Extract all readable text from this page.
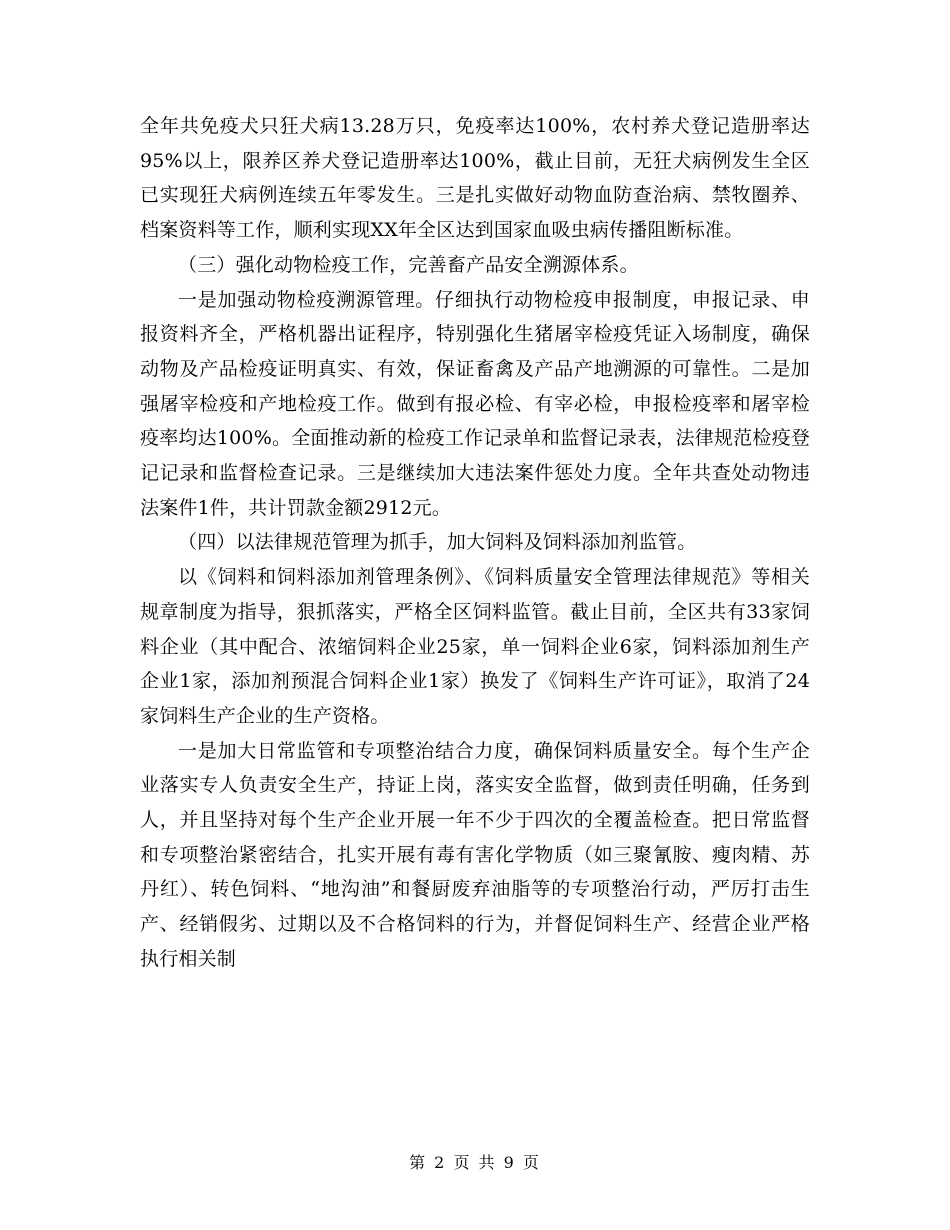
全年共免疫犬只狂犬病13.28万只，免疫率达100%，农村养犬登记造册率达95%以上，限养区养犬登记造册率达100%，截止目前，无狂犬病例发生全区已实现狂犬病例连续五年零发生。三是扎实做好动物血防查治病、禁牧圈养、档案资料等工作，顺利实现XX年全区达到国家血吸虫病传播阻断标准。

（三）强化动物检疫工作，完善畜产品安全溯源体系。

一是加强动物检疫溯源管理。仔细执行动物检疫申报制度，申报记录、申报资料齐全，严格机器出证程序，特别强化生猪屠宰检疫凭证入场制度，确保动物及产品检疫证明真实、有效，保证畜禽及产品产地溯源的可靠性。二是加强屠宰检疫和产地检疫工作。做到有报必检、有宰必检，申报检疫率和屠宰检疫率均达100%。全面推动新的检疫工作记录单和监督记录表，法律规范检疫登记记录和监督检查记录。三是继续加大违法案件惩处力度。全年共查处动物违法案件1件，共计罚款金额2912元。

（四）以法律规范管理为抓手，加大饲料及饲料添加剂监管。

以《饲料和饲料添加剂管理条例》、《饲料质量安全管理法律规范》等相关规章制度为指导，狠抓落实，严格全区饲料监管。截止目前，全区共有33家饲料企业（其中配合、浓缩饲料企业25家，单一饲料企业6家，饲料添加剂生产企业1家，添加剂预混合饲料企业1家）换发了《饲料生产许可证》，取消了24家饲料生产企业的生产资格。

一是加大日常监管和专项整治结合力度，确保饲料质量安全。每个生产企业落实专人负责安全生产，持证上岗，落实安全监督，做到责任明确，任务到人，并且坚持对每个生产企业开展一年不少于四次的全覆盖检查。把日常监督和专项整治紧密结合，扎实开展有毒有害化学物质（如三聚氰胺、瘦肉精、苏丹红）、转色饲料、“地沟油”和餐厨废弃油脂等的专项整治行动，严厉打击生产、经销假劣、过期以及不合格饲料的行为，并督促饲料生产、经营企业严格执行相关制

第 2 页 共 9 页
